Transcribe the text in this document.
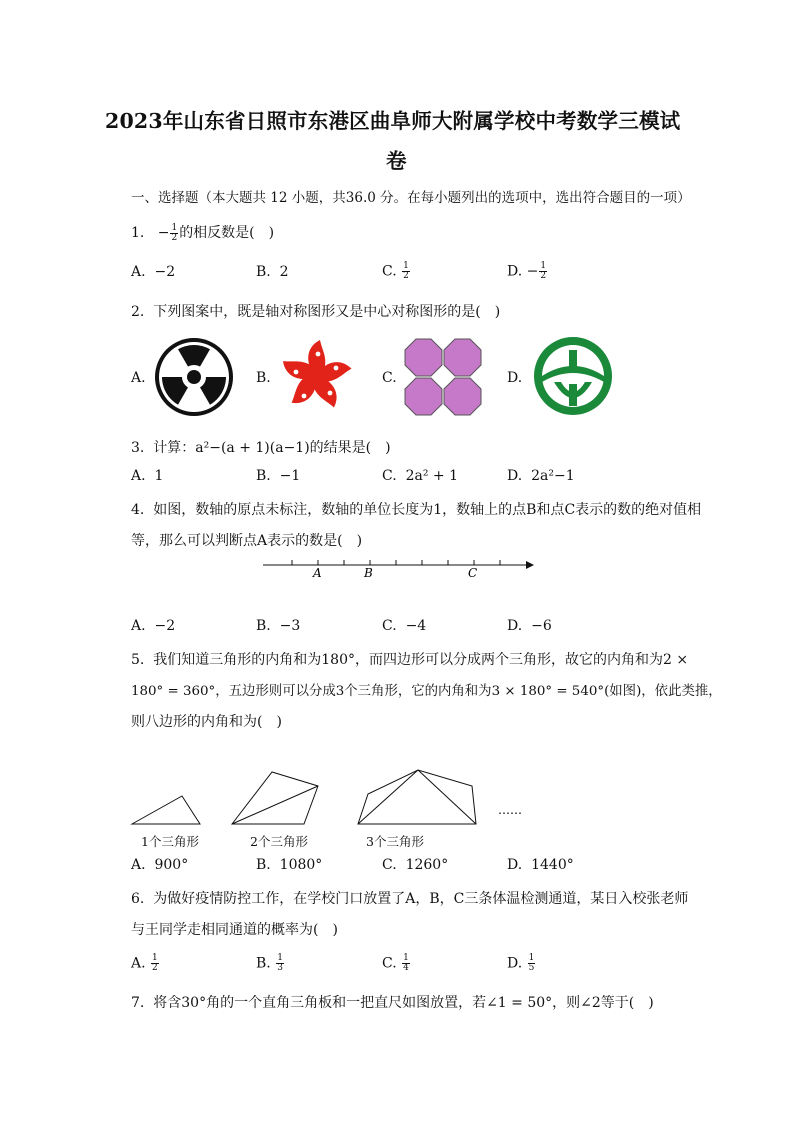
2023年山东省日照市东港区曲阜师大附属学校中考数学三模试
卷
一、选择题（本大题共 12 小题，共36.0 分。在每小题列出的选项中，选出符合题目的一项）
1. − $\frac{1}{2}$ 的相反数是(　)
A. −2	B. 2	C. $\frac{1}{2}$	D. − $\frac{1}{2}$
2. 下列图案中，既是轴对称图形又是中心对称图形的是(　)
A.	B.	C.	D.
3. 计算：a²−(a + 1)(a−1)的结果是(　)
A. 1	B. −1	C. 2a² + 1	D. 2a²−1
4. 如图，数轴的原点未标注，数轴的单位长度为1，数轴上的点B和点C表示的数的绝对值相
等，那么可以判断点A表示的数是(　)
A	B	C
A. −2	B. −3	C. −4	D. −6
5. 我们知道三角形的内角和为180°，而四边形可以分成两个三角形，故它的内角和为2 ×
180° = 360°，五边形则可以分成3个三角形，它的内角和为3 × 180° = 540°(如图)，依此类推，
则八边形的内角和为(　)
……
1个三角形	2个三角形	3个三角形
A. 900°	B. 1080°	C. 1260°	D. 1440°
6. 为做好疫情防控工作，在学校门口放置了A，B，C三条体温检测通道，某日入校张老师
与王同学走相同通道的概率为(　)
A. $\frac{1}{2}$	B. $\frac{1}{3}$	C. $\frac{1}{4}$	D. $\frac{1}{5}$
7. 将含30°角的一个直角三角板和一把直尺如图放置，若∠1 = 50°，则∠2等于(　)
